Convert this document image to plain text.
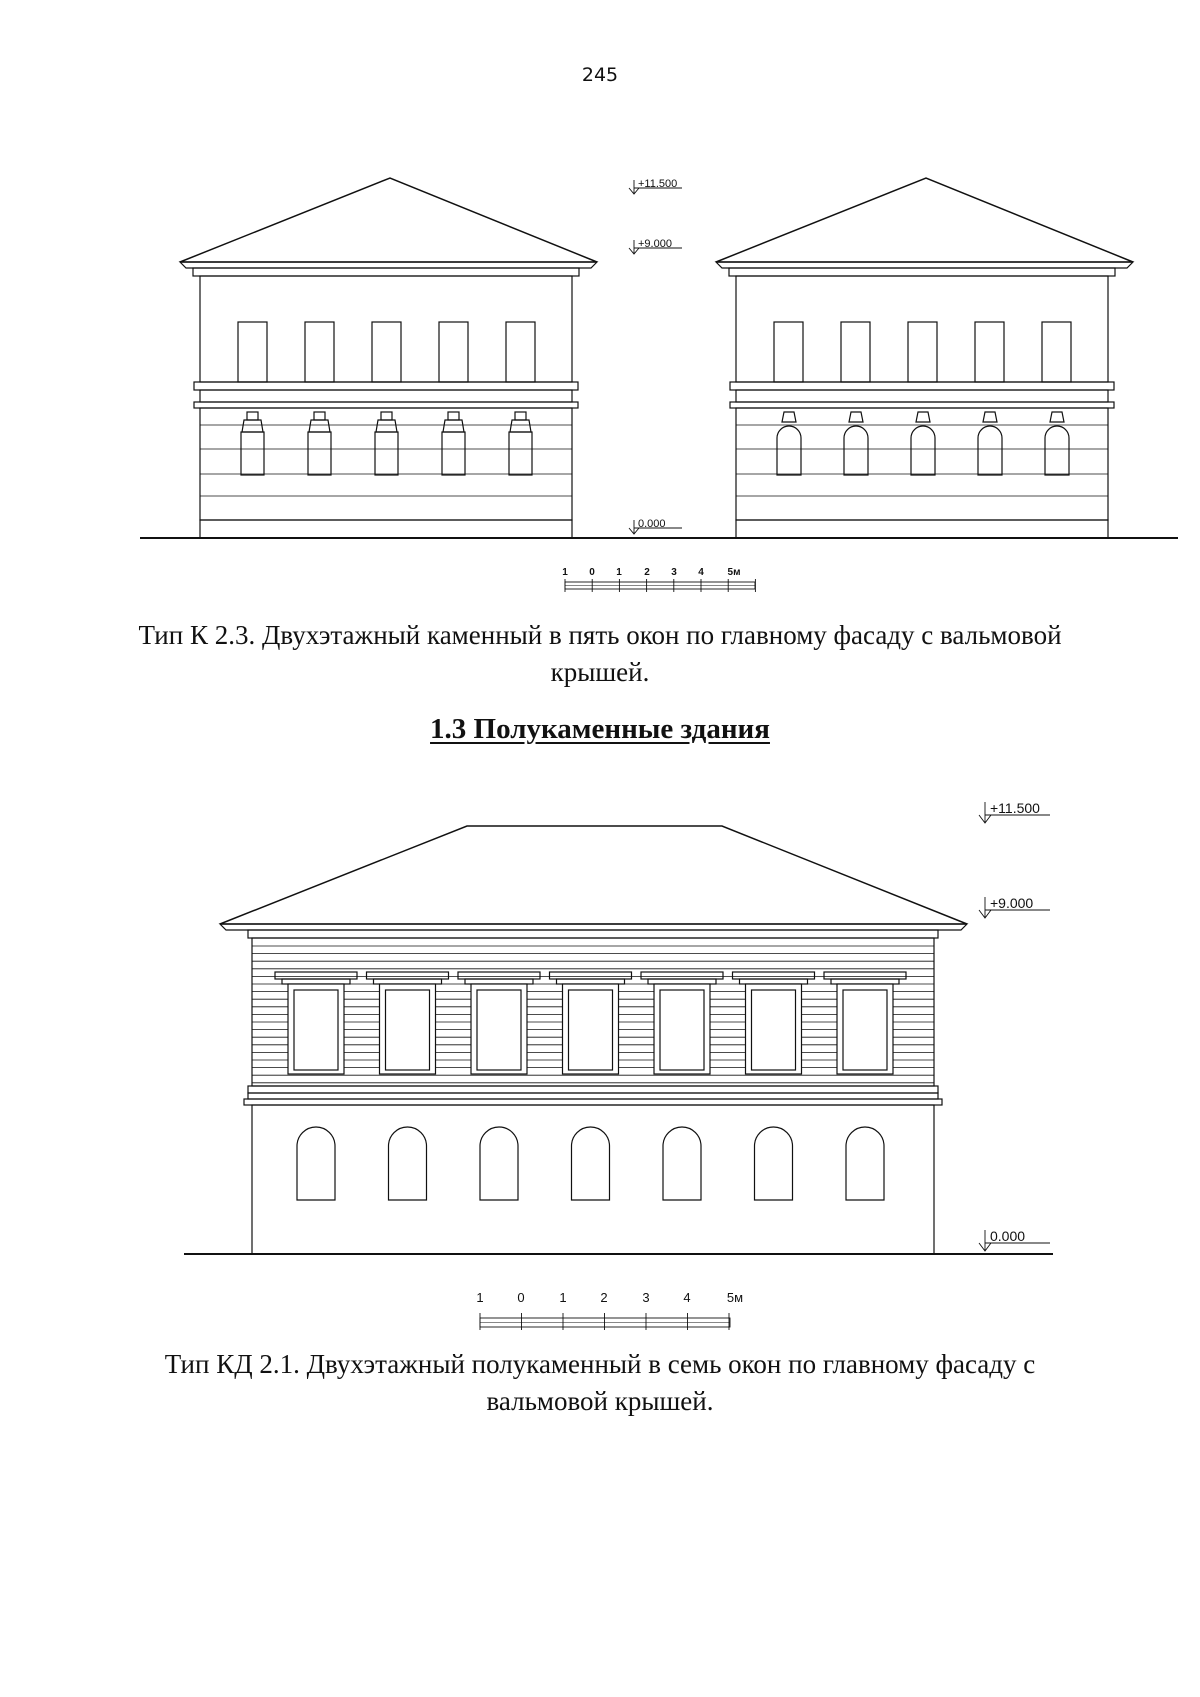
245
+11.500
+9.000
0.000
1 0 1 2 3 4 5м
Тип К 2.3. Двухэтажный каменный в пять окон по главному фасаду с вальмовой
крышей.
1.3 Полукаменные здания
+11.500
+9.000
0.000
1	0	1	2	3	4	5м
Тип КД 2.1. Двухэтажный полукаменный в семь окон по главному фасаду с
вальмовой крышей.
